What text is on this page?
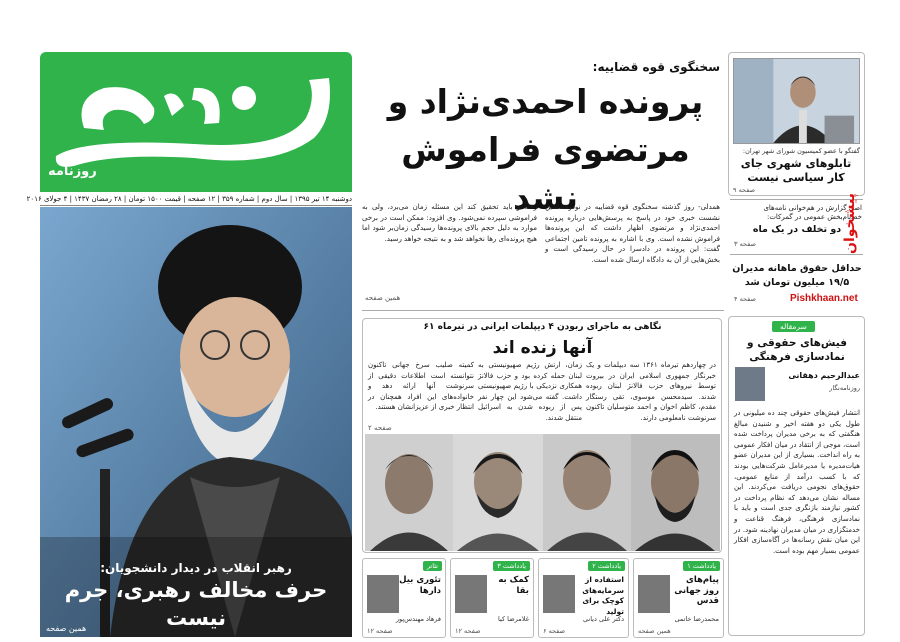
روزنامه
دوشنبه ۱۴ تیر ۱۳۹۵ | سال دوم | شماره ۳۵۹ | ۱۲ صفحه | قیمت ۱۵۰۰ تومان | ۲۸ رمضان ۱۴۳۷ | ۴ جولای ۲۰۱۶
رهبر انقلاب در دیدار دانشجویان:
حرف مخالف رهبری، جرم نیست
همین صفحه
سخنگوی قوه قضاییه:
پرونده احمدی‌نژاد و
مرتضوی فراموش نشد
همدلی- روز گذشته سخنگوی قوه قضاییه در نودوهشتمین نشست خبری خود در پاسخ به پرسش‌هایی درباره پرونده احمدی‌نژاد و مرتضوی اظهار داشت که این پرونده‌ها فراموش نشده است. وی با اشاره به پرونده تامین اجتماعی گفت: این پرونده در دادسرا در حال رسیدگی است و بخش‌هایی از آن به دادگاه ارسال شده است.
رفته و باید تحقیق کند این مسئله زمان می‌برد، ولی به فراموشی سپرده نمی‌شود. وی افزود: ممکن است در برخی موارد به دلیل حجم بالای پرونده‌ها رسیدگی زمان‌بر شود اما هیچ پرونده‌ای رها نخواهد شد و به نتیجه خواهد رسید.
همین صفحه
نگاهی به ماجرای ربودن ۴ دیپلمات ایرانی در تیرماه ۶۱
آنها زنده اند
در چهاردهم تیرماه ۱۳۶۱ سه دیپلمات و یک خبرنگار جمهوری اسلامی ایران در بیروت توسط نیروهای حزب فالانژ لبنان ربوده شدند. سیدمحسن موسوی، تقی رستگار مقدم، کاظم اخوان و احمد متوسلیان تاکنون سرنوشت نامعلومی دارند.
زمان، ارتش رژیم صهیونیستی به لبنان حمله کرده بود و حزب فالانژ همکاری نزدیکی با رژیم صهیونیستی داشت. گفته می‌شود این چهار نفر پس از ربوده شدن به اسرائیل منتقل شدند.
کمیته صلیب سرخ جهانی تاکنون نتوانسته است اطلاعات دقیقی از سرنوشت آنها ارائه دهد و خانواده‌های این افراد همچنان در انتظار خبری از عزیزانشان هستند.
صفحه ۲
یادداشت ۱
پیام‌های روز جهانی قدس
محمدرضا خاتمی
همین صفحه
یادداشت ۲
استفاده از سرمایه‌های کوچک برای تولید
دکتر علی دیانی
صفحه ۶
یادداشت ۳
کمک به بقا
غلامرضا کیا
صفحه ۱۲
تئاتر
تئوری بیل دارها
فرهاد مهندس‌پور
صفحه ۱۲
گفتگو با عضو کمیسیون شورای شهر تهران:
تابلوهای شهری جای کار سیاسی نیست
صفحه ۹
اصل گزارش در هم‌خوانی نامه‌های خط‌نام‌بخش عمومی در گمرکات:
دو تخلف در یک ماه
صفحه ۳
حداقل حقوق ماهانه مدیران ۱۹/۵ میلیون تومان شد
صفحه ۴
پیشخوان
Pishkhaan.net
سرمقاله
فیش‌های حقوقی و نمادسازی فرهنگی
عبدالرحیم دهقانی
روزنامه‌نگار
انتشار فیش‌های حقوقی چند ده میلیونی در طول یکی دو هفته اخیر و شنیدن مبالغ هنگفتی که به برخی مدیران پرداخت شده است، موجی از انتقاد در میان افکار عمومی به راه انداخت. بسیاری از این مدیران عضو هیات‌مدیره یا مدیرعامل شرکت‌هایی بودند که با کسب درآمد از منابع عمومی، حقوق‌های نجومی دریافت می‌کردند. این مساله نشان می‌دهد که نظام پرداخت در کشور نیازمند بازنگری جدی است و باید با نمادسازی فرهنگی، فرهنگ قناعت و خدمتگزاری در میان مدیران نهادینه شود. در این میان نقش رسانه‌ها در آگاه‌سازی افکار عمومی بسیار مهم بوده است.
